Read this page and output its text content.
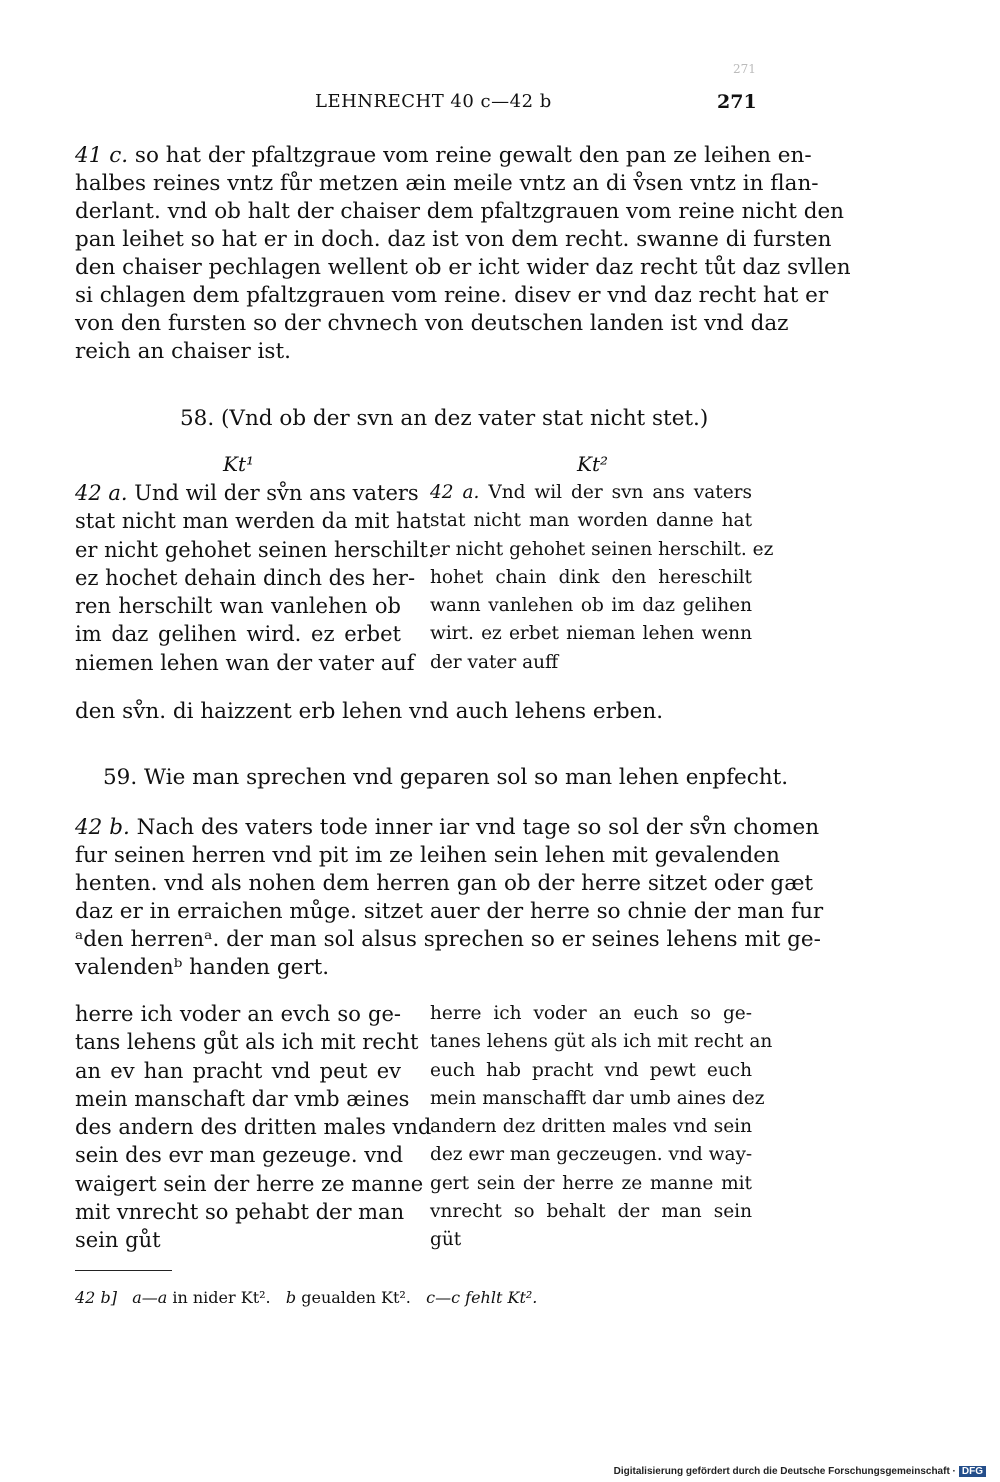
271
LEHNRECHT 40 c—42 b	271
41 c. so hat der pfaltzgraue vom reine gewalt den pan ze leihen en-
halbes reines vntz fůr metzen æin meile vntz an di v̊sen vntz in flan-
derlant. vnd ob halt der chaiser dem pfaltzgrauen vom reine nicht den
pan leihet so hat er in doch. daz ist von dem recht. swanne di fursten
den chaiser pechlagen wellent ob er icht wider daz recht tůt daz svllen
si chlagen dem pfaltzgrauen vom reine. disev er vnd daz recht hat er
von den fursten so der chvnech von deutschen landen ist vnd daz
reich an chaiser ist.
58. (Vnd ob der svn an dez vater stat nicht stet.)
Kt¹	Kt²
42 a. Und wil der sv̊n ans vaters
stat nicht man werden da mit hat
er nicht gehohet seinen herschilt.
ez hochet dehain dinch des her-
ren herschilt wan vanlehen ob
im daz gelihen wird. ez erbet
niemen lehen wan der vater auf
42 a. Vnd wil der svn ans vaters
stat nicht man worden danne hat
er nicht gehohet seinen herschilt. ez
hohet chain dink den hereschilt
wann vanlehen ob im daz gelihen
wirt. ez erbet nieman lehen wenn
der vater auff
den sv̊n. di haizzent erb lehen vnd auch lehens erben.
59. Wie man sprechen vnd geparen sol so man lehen enpfecht.
42 b. Nach des vaters tode inner iar vnd tage so sol der sv̊n chomen
fur seinen herren vnd pit im ze leihen sein lehen mit gevalenden
henten. vnd als nohen dem herren gan ob der herre sitzet oder gæt
daz er in erraichen můge. sitzet auer der herre so chnie der man fur
ᵃden herrenᵃ. der man sol alsus sprechen so er seines lehens mit ge-
valendenᵇ handen gert.
herre ich voder an evch so ge-
tans lehens gůt als ich mit recht
an ev han pracht vnd peut ev
mein manschaft dar vmb æines
des andern des dritten males vnd
sein des evr man gezeuge. vnd
waigert sein der herre ze manne
mit vnrecht so pehabt der man
sein gůt
herre ich voder an euch so ge-
tanes lehens güt als ich mit recht an
euch hab pracht vnd pewt euch
mein manschafft dar umb aines dez
andern dez dritten males vnd sein
dez ewr man geczeugen. vnd way-
gert sein der herre ze manne mit
vnrecht so behalt der man sein
güt
42 b] a—a in nider Kt². b geualden Kt². c—c fehlt Kt².
Digitalisierung gefördert durch die Deutsche Forschungsgemeinschaft · DFG
